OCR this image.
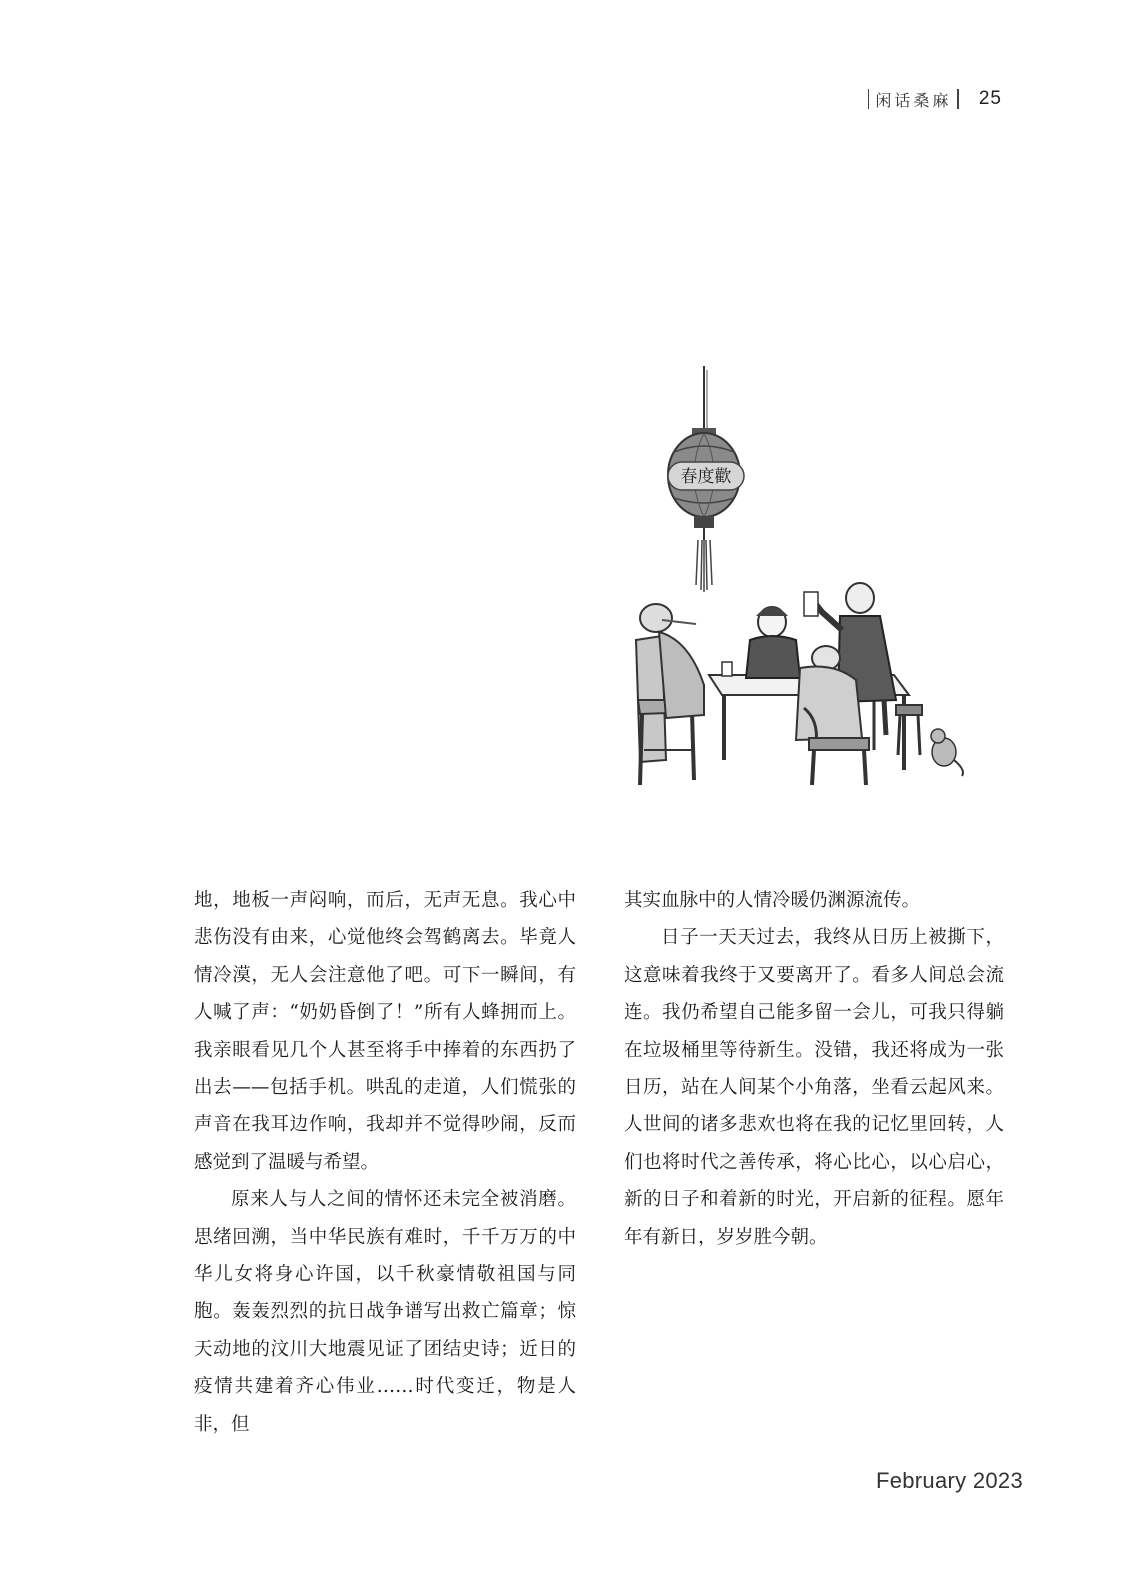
闲话桑麻 25
春度歡

地，地板一声闷响，而后，无声无息。我心中悲伤没有由来，心觉他终会驾鹤离去。毕竟人情冷漠，无人会注意他了吧。可下一瞬间，有人喊了声：“奶奶昏倒了！”所有人蜂拥而上。我亲眼看见几个人甚至将手中捧着的东西扔了出去——包括手机。哄乱的走道，人们慌张的声音在我耳边作响，我却并不觉得吵闹，反而感觉到了温暖与希望。

原来人与人之间的情怀还未完全被消磨。思绪回溯，当中华民族有难时，千千万万的中华儿女将身心许国，以千秋豪情敬祖国与同胞。轰轰烈烈的抗日战争谱写出救亡篇章；惊天动地的汶川大地震见证了团结史诗；近日的疫情共建着齐心伟业……时代变迁，物是人非，但

其实血脉中的人情冷暖仍渊源流传。

日子一天天过去，我终从日历上被撕下，这意味着我终于又要离开了。看多人间总会流连。我仍希望自己能多留一会儿，可我只得躺在垃圾桶里等待新生。没错，我还将成为一张日历，站在人间某个小角落，坐看云起风来。人世间的诸多悲欢也将在我的记忆里回转，人们也将时代之善传承，将心比心，以心启心，新的日子和着新的时光，开启新的征程。愿年年有新日，岁岁胜今朝。

February 2023
